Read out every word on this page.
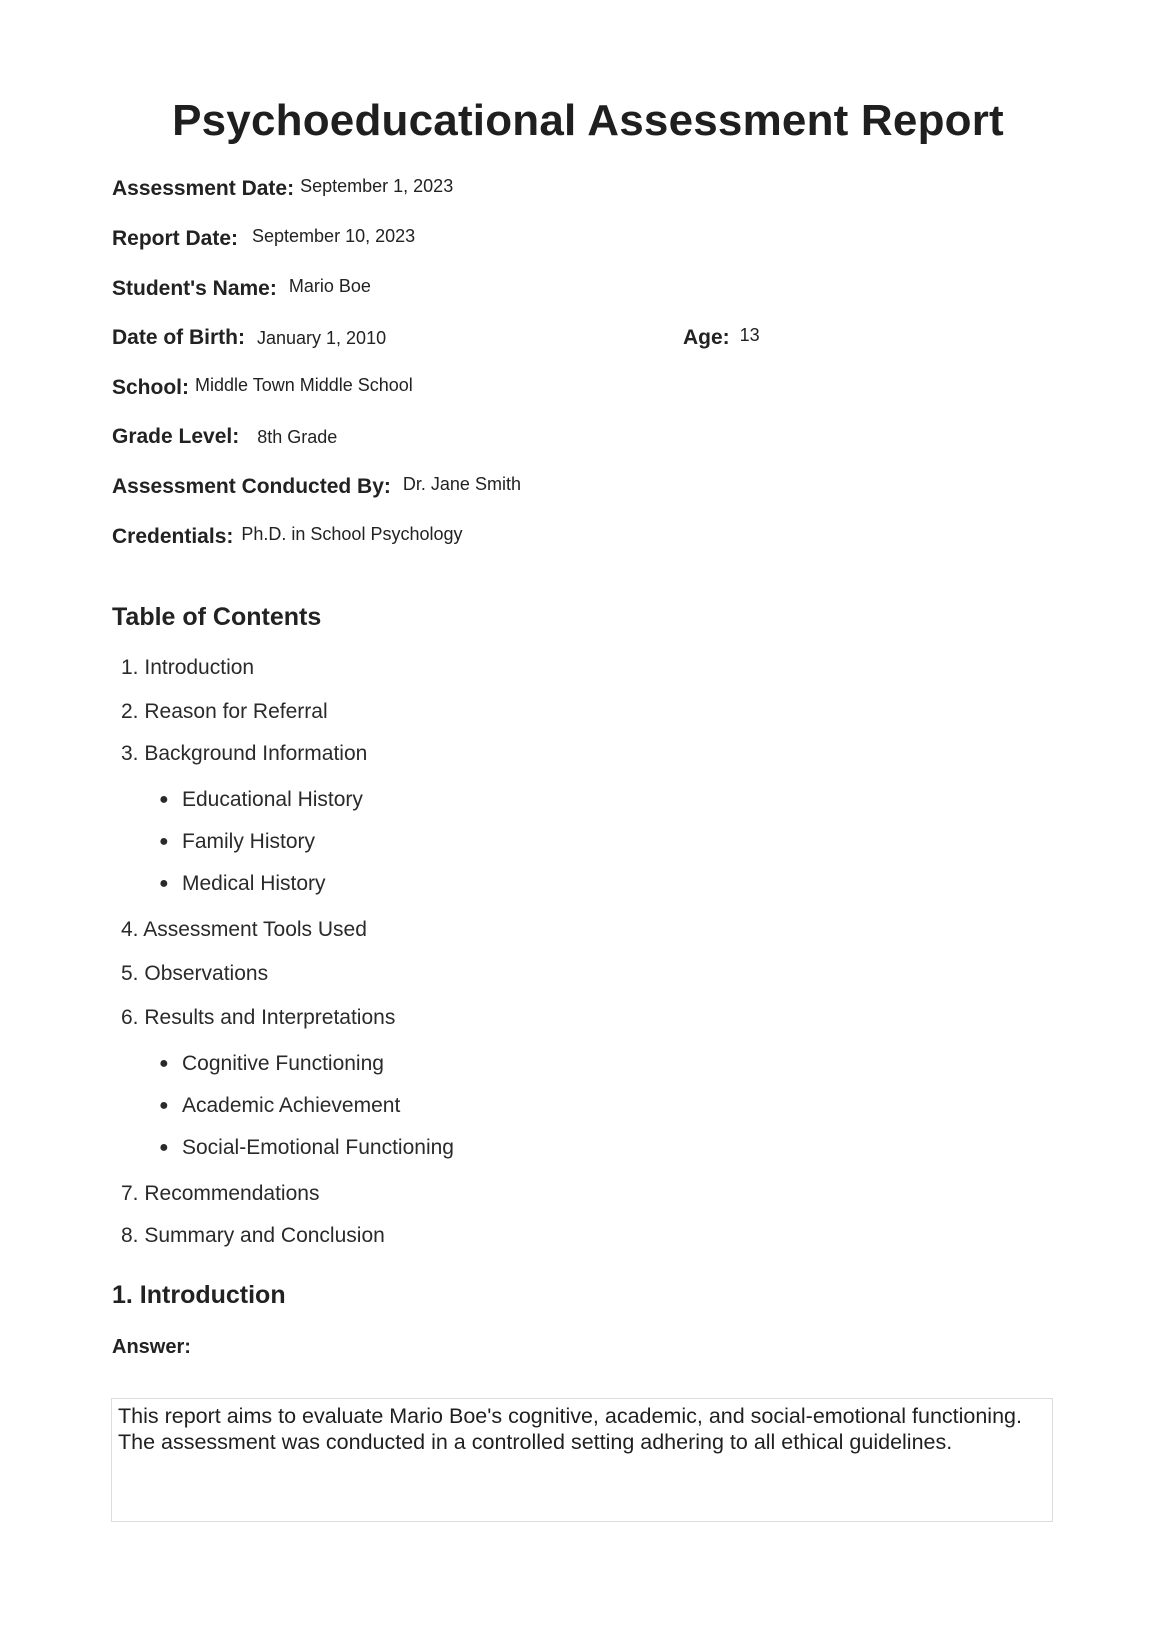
Psychoeducational Assessment Report
Assessment Date: September 1, 2023
Report Date: September 10, 2023
Student's Name: Mario Boe
Date of Birth: January 1, 2010	Age: 13
School: Middle Town Middle School
Grade Level: 8th Grade
Assessment Conducted By: Dr. Jane Smith
Credentials: Ph.D. in School Psychology
Table of Contents
1. Introduction
2. Reason for Referral
3. Background Information
● Educational History
● Family History
● Medical History
4. Assessment Tools Used
5. Observations
6. Results and Interpretations
● Cognitive Functioning
● Academic Achievement
● Social-Emotional Functioning
7. Recommendations
8. Summary and Conclusion
1. Introduction
Answer:
This report aims to evaluate Mario Boe's cognitive, academic, and social-emotional functioning. The assessment was conducted in a controlled setting adhering to all ethical guidelines.
